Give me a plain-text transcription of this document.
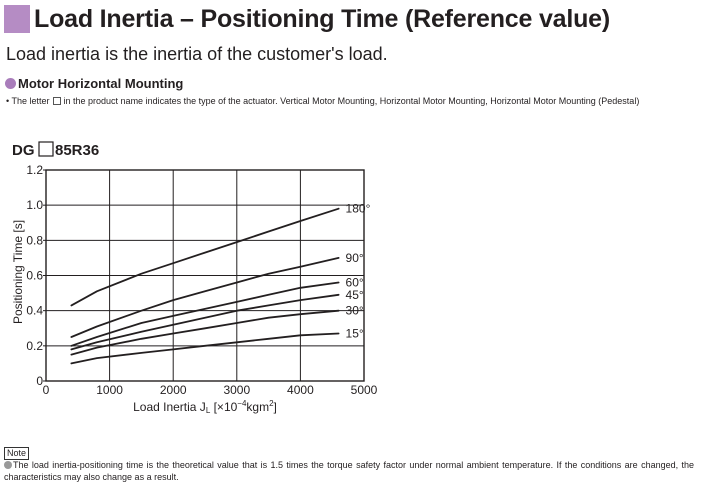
Load Inertia – Positioning Time (Reference value)
Load inertia is the inertia of the customer's load.
Motor Horizontal Mounting
• The letter in the product name indicates the type of the actuator. Vertical Motor Mounting, Horizontal Motor Mounting, Horizontal Motor Mounting (Pedestal)
0	1000	2000	3000	4000	5000
0
0.2
0.4
0.6
0.8
1.0
1.2
180°
90°
60°
45°
30°
15°
DG 85R36
Positioning Time [s]
Load Inertia JL $[\times 10^{-4}kgm^2]$
Note
The load inertia-positioning time is the theoretical value that is 1.5 times the torque safety factor under normal ambient temperature. If the conditions are changed, the characteristics may also change as a result.
